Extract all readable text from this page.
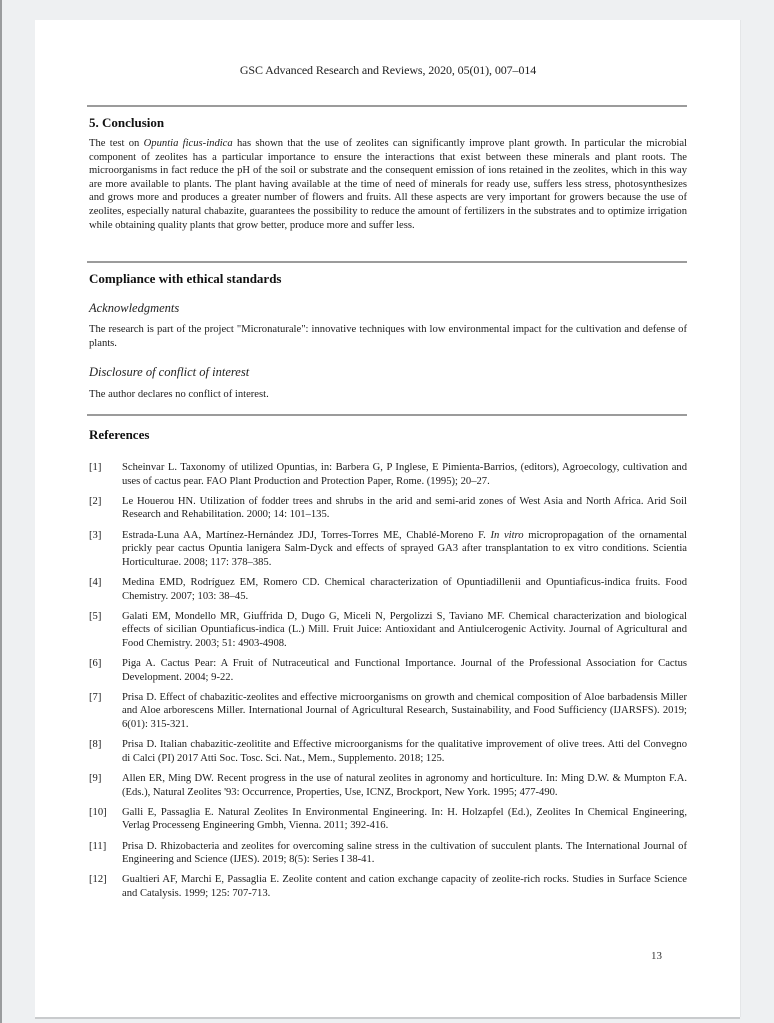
GSC Advanced Research and Reviews, 2020, 05(01), 007–014
5. Conclusion
The test on Opuntia ficus-indica has shown that the use of zeolites can significantly improve plant growth. In particular the microbial component of zeolites has a particular importance to ensure the interactions that exist between these minerals and plant roots. The microorganisms in fact reduce the pH of the soil or substrate and the consequent emission of ions retained in the zeolites, which in this way are more available to plants. The plant having available at the time of need of minerals for ready use, suffers less stress, photosynthesizes and grows more and produces a greater number of flowers and fruits. All these aspects are very important for growers because the use of zeolites, especially natural chabazite, guarantees the possibility to reduce the amount of fertilizers in the substrates and to optimize irrigation while obtaining quality plants that grow better, produce more and suffer less.
Compliance with ethical standards
Acknowledgments
The research is part of the project "Micronaturale": innovative techniques with low environmental impact for the cultivation and defense of plants.
Disclosure of conflict of interest
The author declares no conflict of interest.
References
[1]	Scheinvar L. Taxonomy of utilized Opuntias, in: Barbera G, P Inglese, E Pimienta-Barrios, (editors), Agroecology, cultivation and uses of cactus pear. FAO Plant Production and Protection Paper, Rome. (1995); 20–27.
[2]	Le Houerou HN. Utilization of fodder trees and shrubs in the arid and semi-arid zones of West Asia and North Africa. Arid Soil Research and Rehabilitation. 2000; 14: 101–135.
[3]	Estrada-Luna AA, Martínez-Hernández JDJ, Torres-Torres ME, Chablé-Moreno F. In vitro micropropagation of the ornamental prickly pear cactus Opuntia lanigera Salm-Dyck and effects of sprayed GA3 after transplantation to ex vitro conditions. Scientia Horticulturae. 2008; 117: 378–385.
[4]	Medina EMD, Rodríguez EM, Romero CD. Chemical characterization of Opuntiadillenii and Opuntiaficus-indica fruits. Food Chemistry. 2007; 103: 38–45.
[5]	Galati EM, Mondello MR, Giuffrida D, Dugo G, Miceli N, Pergolizzi S, Taviano MF. Chemical characterization and biological effects of sicilian Opuntiaficus-indica (L.) Mill. Fruit Juice: Antioxidant and Antiulcerogenic Activity. Journal of Agricultural and Food Chemistry. 2003; 51: 4903-4908.
[6]	Piga A. Cactus Pear: A Fruit of Nutraceutical and Functional Importance. Journal of the Professional Association for Cactus Development. 2004; 9-22.
[7]	Prisa D. Effect of chabazitic-zeolites and effective microorganisms on growth and chemical composition of Aloe barbadensis Miller and Aloe arborescens Miller. International Journal of Agricultural Research, Sustainability, and Food Sufficiency (IJARSFS). 2019; 6(01): 315-321.
[8]	Prisa D. Italian chabazitic-zeolitite and Effective microorganisms for the qualitative improvement of olive trees. Atti del Convegno di Calci (PI) 2017 Atti Soc. Tosc. Sci. Nat., Mem., Supplemento. 2018; 125.
[9]	Allen ER, Ming DW. Recent progress in the use of natural zeolites in agronomy and horticulture. In: Ming D.W. & Mumpton F.A. (Eds.), Natural Zeolites '93: Occurrence, Properties, Use, ICNZ, Brockport, New York. 1995; 477-490.
[10]	Galli E, Passaglia E. Natural Zeolites In Environmental Engineering. In: H. Holzapfel (Ed.), Zeolites In Chemical Engineering, Verlag Processeng Engineering Gmbh, Vienna. 2011; 392-416.
[11]	Prisa D. Rhizobacteria and zeolites for overcoming saline stress in the cultivation of succulent plants. The International Journal of Engineering and Science (IJES). 2019; 8(5): Series I 38-41.
[12]	Gualtieri AF, Marchi E, Passaglia E. Zeolite content and cation exchange capacity of zeolite-rich rocks. Studies in Surface Science and Catalysis. 1999; 125: 707-713.
13
